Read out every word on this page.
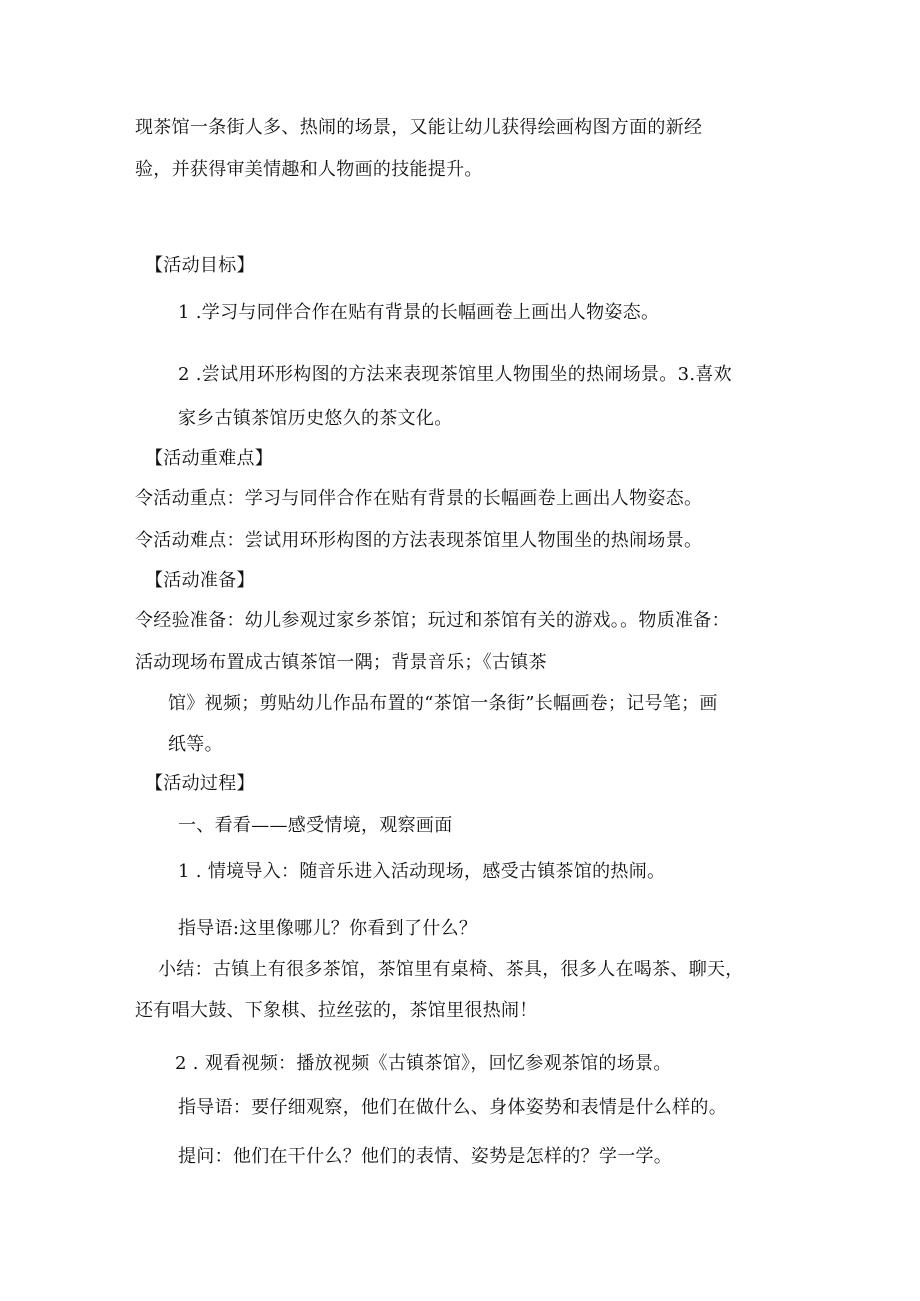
现茶馆一条街人多、热闹的场景，又能让幼儿获得绘画构图方面的新经
验，并获得审美情趣和人物画的技能提升。
【活动目标】
1 .学习与同伴合作在贴有背景的长幅画卷上画出人物姿态。
2 .尝试用环形构图的方法来表现茶馆里人物围坐的热闹场景。3.喜欢
家乡古镇茶馆历史悠久的茶文化。
【活动重难点】
令活动重点：学习与同伴合作在贴有背景的长幅画卷上画出人物姿态。
令活动难点：尝试用环形构图的方法表现茶馆里人物围坐的热闹场景。
【活动准备】
令经验准备：幼儿参观过家乡茶馆；玩过和茶馆有关的游戏。。物质准备：
活动现场布置成古镇茶馆一隅；背景音乐；《古镇茶
馆》视频；剪贴幼儿作品布置的“茶馆一条街”长幅画卷；记号笔；画
纸等。
【活动过程】
一、看看——感受情境，观察画面
1 . 情境导入：随音乐进入活动现场，感受古镇茶馆的热闹。
指导语:这里像哪儿？你看到了什么？
小结：古镇上有很多茶馆，茶馆里有桌椅、茶具，很多人在喝茶、聊天，
还有唱大鼓、下象棋、拉丝弦的，茶馆里很热闹！
2 . 观看视频：播放视频《古镇茶馆》，回忆参观茶馆的场景。
指导语：要仔细观察，他们在做什么、身体姿势和表情是什么样的。
提问：他们在干什么？他们的表情、姿势是怎样的？学一学。
